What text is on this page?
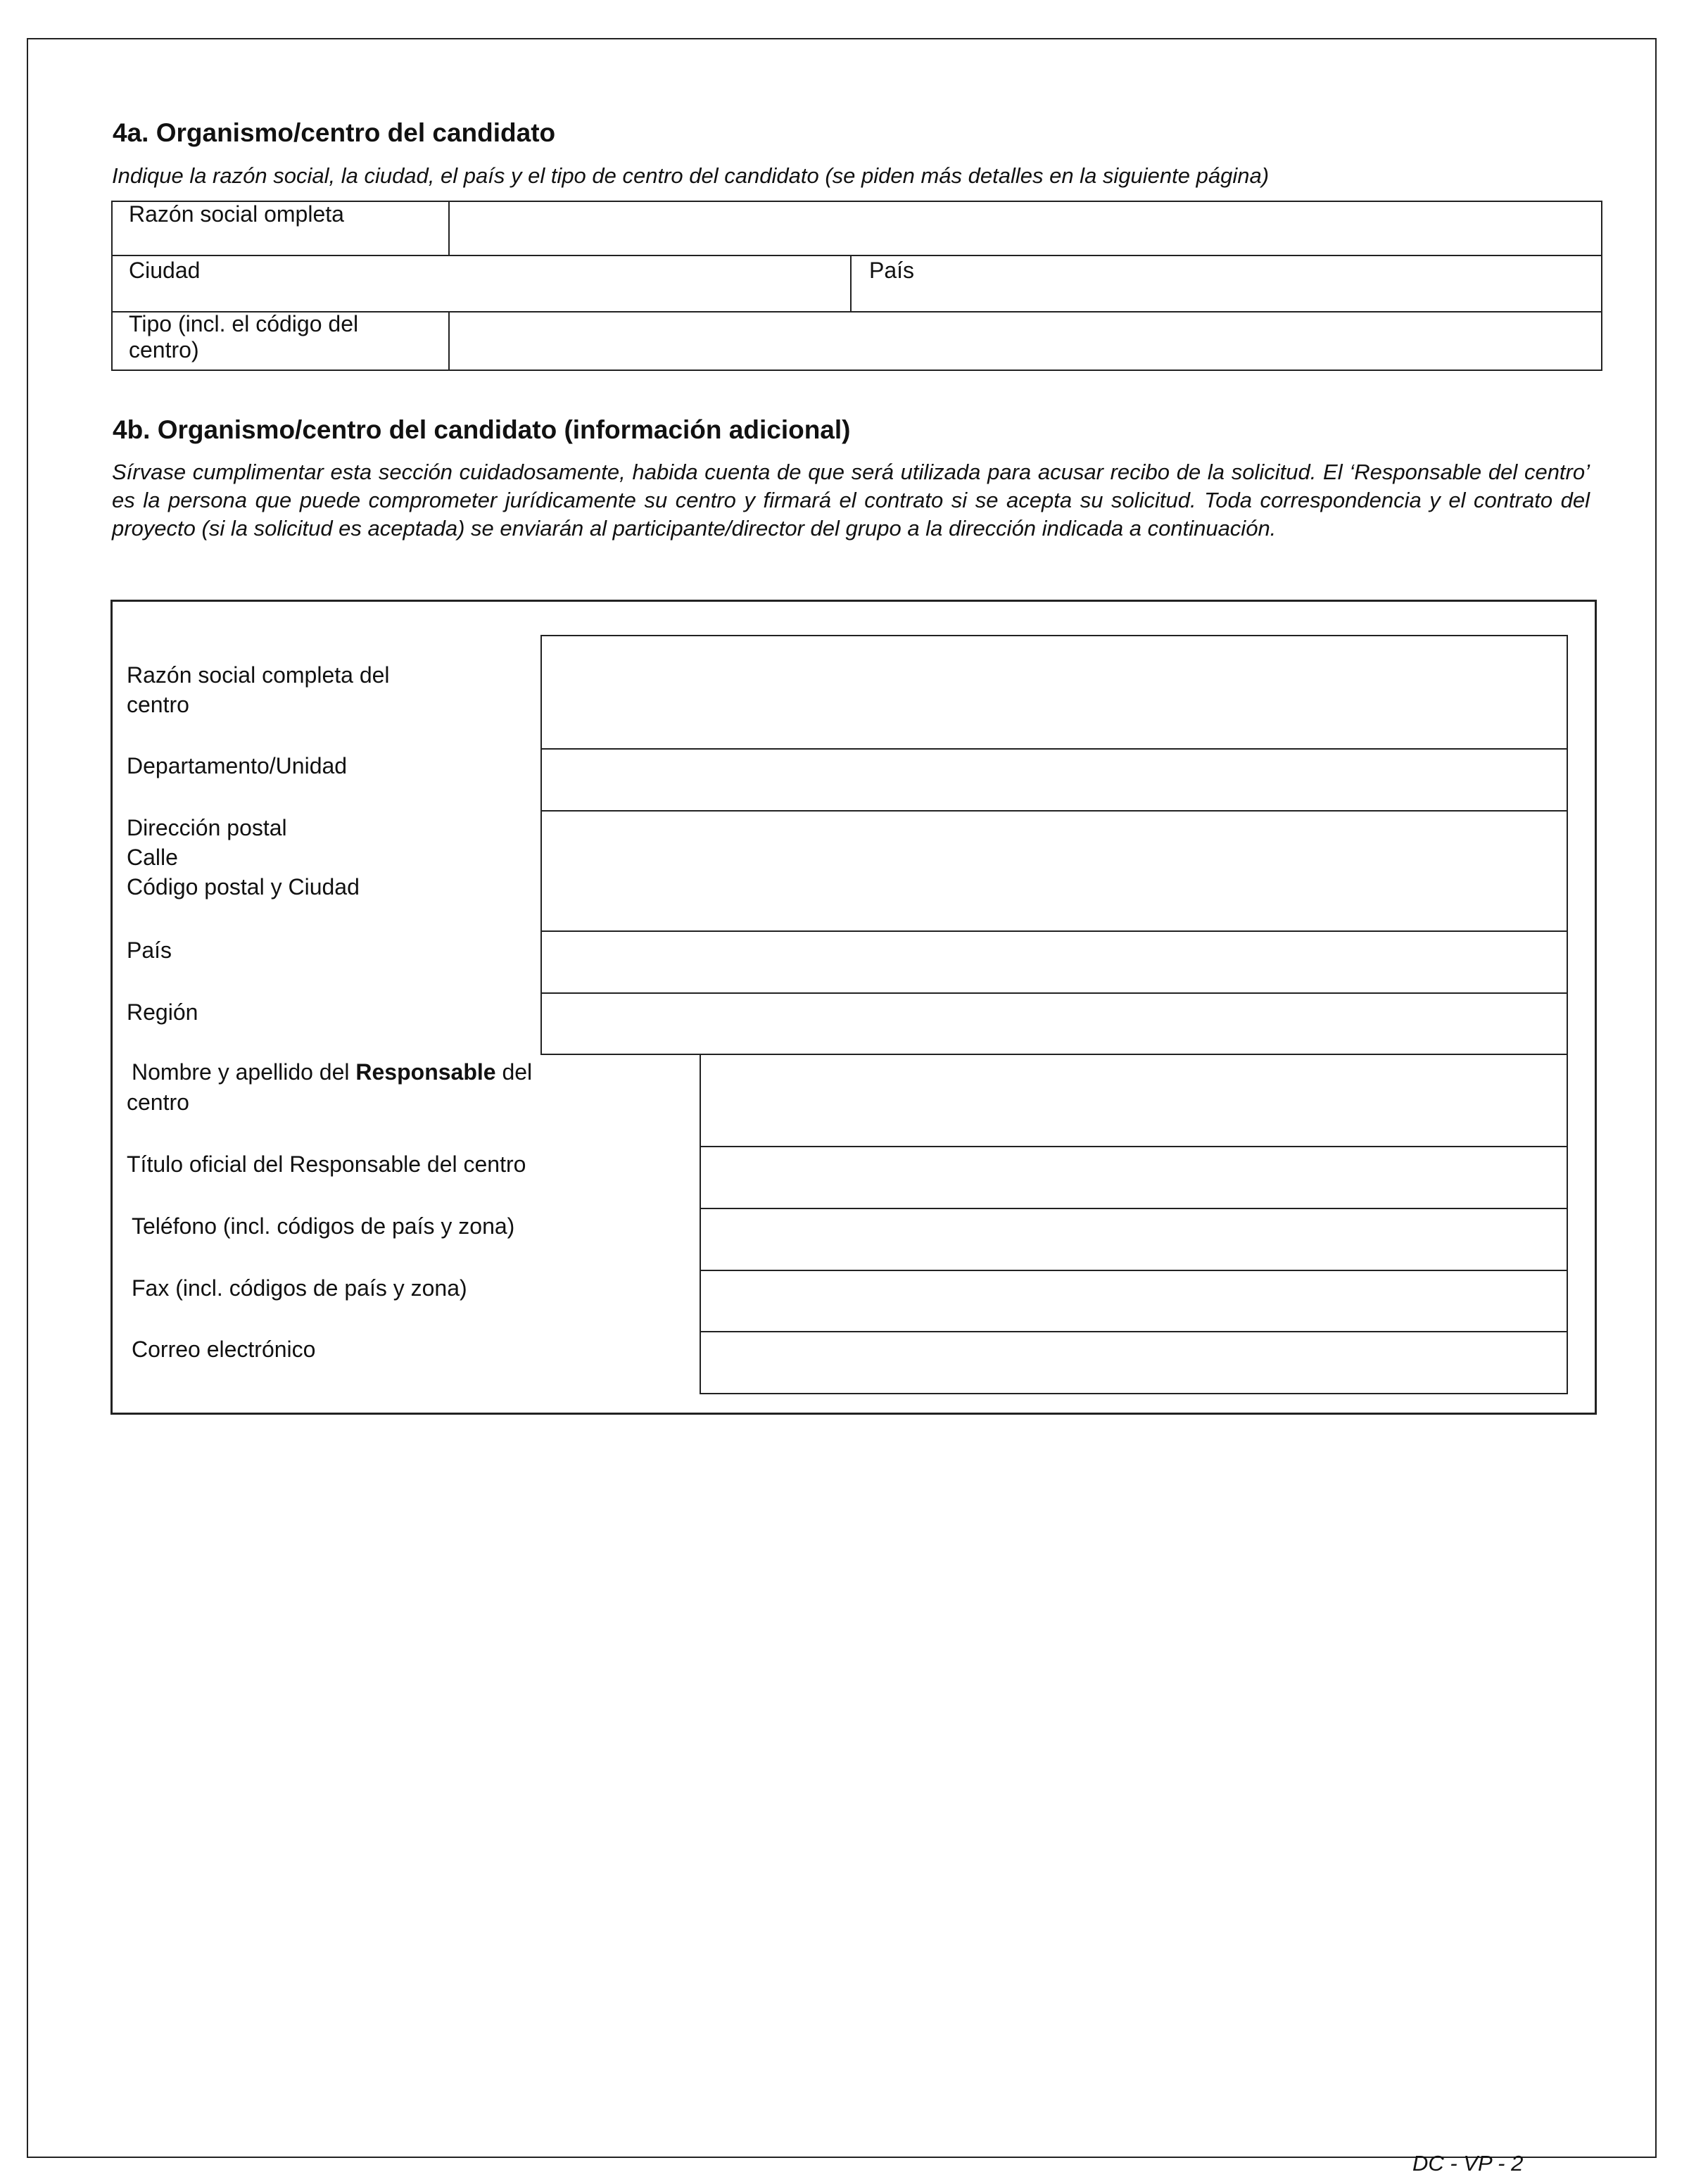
4a. Organismo/centro del candidato
Indique la razón social, la ciudad, el país y el tipo de centro del candidato (se piden más detalles en la siguiente página)
Razón social ompleta
Ciudad	País
Tipo (incl. el código del
centro)
4b. Organismo/centro del candidato (información adicional)
Sírvase cumplimentar esta sección cuidadosamente, habida cuenta de que será utilizada para acusar recibo de la solicitud. El ‘Responsable del centro’ es la persona que puede comprometer jurídicamente su centro y firmará el contrato si se acepta su solicitud. Toda correspondencia y el contrato del proyecto (si la solicitud es aceptada) se enviarán al participante/director del grupo a la dirección indicada a continuación.
Razón social completa del
centro
Departamento/Unidad
Dirección postal
Calle
Código postal y Ciudad
País
Región
Nombre y apellido del Responsable del
centro
Título oficial del Responsable del centro
Teléfono (incl. códigos de país y zona)
Fax (incl. códigos de país y zona)
Correo electrónico
DC - VP - 2
